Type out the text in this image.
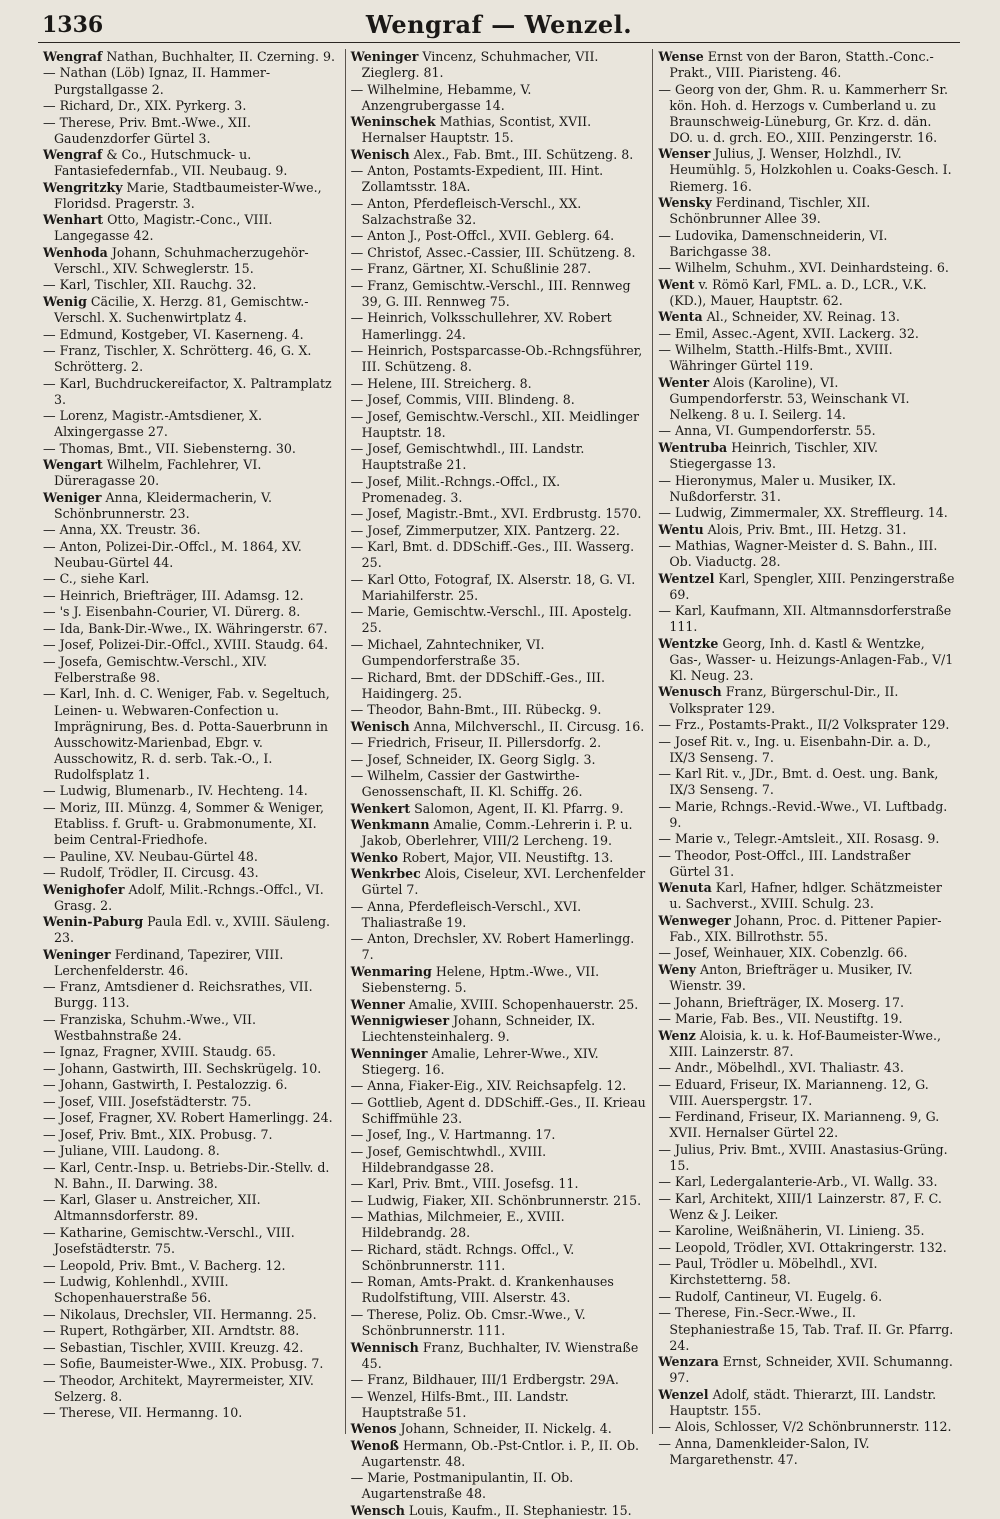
1336	Wengraf — Wenzel.
Wengraf Nathan, Buchhalter, II. Czerning. 9.
— Nathan (Löb) Ignaz, II. Hammer-Purgstallgasse 2.
— Richard, Dr., XIX. Pyrkerg. 3.
— Therese, Priv. Bmt.-Wwe., XII. Gaudenzdorfer Gürtel 3.
Wengraf & Co., Hutschmuck- u. Fantasiefedernfab., VII. Neubaug. 9.
Wengritzky Marie, Stadtbaumeister-Wwe., Floridsd. Pragerstr. 3.
Wenhart Otto, Magistr.-Conc., VIII. Langegasse 42.
Wenhoda Johann, Schuhmacherzugehör-Verschl., XIV. Schweglerstr. 15.
— Karl, Tischler, XII. Rauchg. 32.
Wenig Cäcilie, X. Herzg. 81, Gemischtw.-Verschl. X. Suchenwirtplatz 4.
— Edmund, Kostgeber, VI. Kaserneng. 4.
— Franz, Tischler, X. Schrötterg. 46, G. X. Schrötterg. 2.
— Karl, Buchdruckereifactor, X. Paltramplatz 3.
— Lorenz, Magistr.-Amtsdiener, X. Alxingergasse 27.
— Thomas, Bmt., VII. Siebensterng. 30.
Wengart Wilhelm, Fachlehrer, VI. Düreragasse 20.
Weniger Anna, Kleidermacherin, V. Schönbrunnerstr. 23.
— Anna, XX. Treustr. 36.
— Anton, Polizei-Dir.-Offcl., M. 1864, XV. Neubau-Gürtel 44.
— C., siehe Karl.
— Heinrich, Briefträger, III. Adamsg. 12.
— 's J. Eisenbahn-Courier, VI. Dürerg. 8.
— Ida, Bank-Dir.-Wwe., IX. Währingerstr. 67.
— Josef, Polizei-Dir.-Offcl., XVIII. Staudg. 64.
— Josefa, Gemischtw.-Verschl., XIV. Felberstraße 98.
— Karl, Inh. d. C. Weniger, Fab. v. Segeltuch, Leinen- u. Webwaren-Confection u. Imprägnirung, Bes. d. Potta-Sauerbrunn in Ausschowitz-Marienbad, Ebgr. v. Ausschowitz, R. d. serb. Tak.-O., I. Rudolfsplatz 1.
— Ludwig, Blumenarb., IV. Hechteng. 14.
— Moriz, III. Münzg. 4, Sommer & Weniger, Etabliss. f. Gruft- u. Grabmonumente, XI. beim Central-Friedhofe.
— Pauline, XV. Neubau-Gürtel 48.
— Rudolf, Trödler, II. Circusg. 43.
Wenighofer Adolf, Milit.-Rchngs.-Offcl., VI. Grasg. 2.
Wenin-Paburg Paula Edl. v., XVIII. Säuleng. 23.
Weninger Ferdinand, Tapezirer, VIII. Lerchenfelderstr. 46.
— Franz, Amtsdiener d. Reichsrathes, VII. Burgg. 113.
— Franziska, Schuhm.-Wwe., VII. Westbahnstraße 24.
— Ignaz, Fragner, XVIII. Staudg. 65.
— Johann, Gastwirth, III. Sechskrügelg. 10.
— Johann, Gastwirth, I. Pestalozzig. 6.
— Josef, VIII. Josefstädterstr. 75.
— Josef, Fragner, XV. Robert Hamerlingg. 24.
— Josef, Priv. Bmt., XIX. Probusg. 7.
— Juliane, VIII. Laudong. 8.
— Karl, Centr.-Insp. u. Betriebs-Dir.-Stellv. d. N. Bahn., II. Darwing. 38.
— Karl, Glaser u. Anstreicher, XII. Altmannsdorferstr. 89.
— Katharine, Gemischtw.-Verschl., VIII. Josefstädterstr. 75.
— Leopold, Priv. Bmt., V. Bacherg. 12.
— Ludwig, Kohlenhdl., XVIII. Schopenhauerstraße 56.
— Nikolaus, Drechsler, VII. Hermanng. 25.
— Rupert, Rothgärber, XII. Arndtstr. 88.
— Sebastian, Tischler, XVIII. Kreuzg. 42.
— Sofie, Baumeister-Wwe., XIX. Probusg. 7.
— Theodor, Architekt, Mayrermeister, XIV. Selzerg. 8.
— Therese, VII. Hermanng. 10.
Weninger Vincenz, Schuhmacher, VII. Zieglerg. 81.
— Wilhelmine, Hebamme, V. Anzengrubergasse 14.
Weninschek Mathias, Scontist, XVII. Hernalser Hauptstr. 15.
Wenisch Alex., Fab. Bmt., III. Schützeng. 8.
— Anton, Postamts-Expedient, III. Hint. Zollamtsstr. 18A.
— Anton, Pferdefleisch-Verschl., XX. Salzachstraße 32.
— Anton J., Post-Offcl., XVII. Geblerg. 64.
— Christof, Assec.-Cassier, III. Schützeng. 8.
— Franz, Gärtner, XI. Schußlinie 287.
— Franz, Gemischtw.-Verschl., III. Rennweg 39, G. III. Rennweg 75.
— Heinrich, Volksschullehrer, XV. Robert Hamerlingg. 24.
— Heinrich, Postsparcasse-Ob.-Rchngsführer, III. Schützeng. 8.
— Helene, III. Streicherg. 8.
— Josef, Commis, VIII. Blindeng. 8.
— Josef, Gemischtw.-Verschl., XII. Meidlinger Hauptstr. 18.
— Josef, Gemischtwhdl., III. Landstr. Hauptstraße 21.
— Josef, Milit.-Rchngs.-Offcl., IX. Promenadeg. 3.
— Josef, Magistr.-Bmt., XVI. Erdbrustg. 1570.
— Josef, Zimmerputzer, XIX. Pantzerg. 22.
— Karl, Bmt. d. DDSchiff.-Ges., III. Wasserg. 25.
— Karl Otto, Fotograf, IX. Alserstr. 18, G. VI. Mariahilferstr. 25.
— Marie, Gemischtw.-Verschl., III. Apostelg. 25.
— Michael, Zahntechniker, VI. Gumpendorferstraße 35.
— Richard, Bmt. der DDSchiff.-Ges., III. Haidingerg. 25.
— Theodor, Bahn-Bmt., III. Rübeckg. 9.
Wenisch Anna, Milchverschl., II. Circusg. 16.
— Friedrich, Friseur, II. Pillersdorfg. 2.
— Josef, Schneider, IX. Georg Siglg. 3.
— Wilhelm, Cassier der Gastwirthe-Genossenschaft, II. Kl. Schiffg. 26.
Wenkert Salomon, Agent, II. Kl. Pfarrg. 9.
Wenkmann Amalie, Comm.-Lehrerin i. P. u. Jakob, Oberlehrer, VIII/2 Lercheng. 19.
Wenko Robert, Major, VII. Neustiftg. 13.
Wenkrbec Alois, Ciseleur, XVI. Lerchenfelder Gürtel 7.
— Anna, Pferdefleisch-Verschl., XVI. Thaliastraße 19.
— Anton, Drechsler, XV. Robert Hamerlingg. 7.
Wenmaring Helene, Hptm.-Wwe., VII. Siebensterng. 5.
Wenner Amalie, XVIII. Schopenhauerstr. 25.
Wennigwieser Johann, Schneider, IX. Liechtensteinhalerg. 9.
Wenninger Amalie, Lehrer-Wwe., XIV. Stiegerg. 16.
— Anna, Fiaker-Eig., XIV. Reichsapfelg. 12.
— Gottlieb, Agent d. DDSchiff.-Ges., II. Krieau Schiffmühle 23.
— Josef, Ing., V. Hartmanng. 17.
— Josef, Gemischtwhdl., XVIII. Hildebrandgasse 28.
— Karl, Priv. Bmt., VIII. Josefsg. 11.
— Ludwig, Fiaker, XII. Schönbrunnerstr. 215.
— Mathias, Milchmeier, E., XVIII. Hildebrandg. 28.
— Richard, städt. Rchngs. Offcl., V. Schönbrunnerstr. 111.
— Roman, Amts-Prakt. d. Krankenhauses Rudolfstiftung, VIII. Alserstr. 43.
— Therese, Poliz. Ob. Cmsr.-Wwe., V. Schönbrunnerstr. 111.
Wennisch Franz, Buchhalter, IV. Wienstraße 45.
— Franz, Bildhauer, III/1 Erdbergstr. 29A.
— Wenzel, Hilfs-Bmt., III. Landstr. Hauptstraße 51.
Wenos Johann, Schneider, II. Nickelg. 4.
Wenoß Hermann, Ob.-Pst-Cntlor. i. P., II. Ob. Augartenstr. 48.
— Marie, Postmanipulantin, II. Ob. Augartenstraße 48.
Wensch Louis, Kaufm., II. Stephaniestr. 15.
Wense Ernst von der Baron, Statth.-Conc.-Prakt., VIII. Piaristeng. 46.
— Georg von der, Ghm. R. u. Kammerherr Sr. kön. Hoh. d. Herzogs v. Cumberland u. zu Braunschweig-Lüneburg, Gr. Krz. d. dän. DO. u. d. grch. EO., XIII. Penzingerstr. 16.
Wenser Julius, J. Wenser, Holzhdl., IV. Heumühlg. 5, Holzkohlen u. Coaks-Gesch. I. Riemerg. 16.
Wensky Ferdinand, Tischler, XII. Schönbrunner Allee 39.
— Ludovika, Damenschneiderin, VI. Barichgasse 38.
— Wilhelm, Schuhm., XVI. Deinhardsteing. 6.
Went v. Römö Karl, FML. a. D., LCR., V.K. (KD.), Mauer, Hauptstr. 62.
Wenta Al., Schneider, XV. Reinag. 13.
— Emil, Assec.-Agent, XVII. Lackerg. 32.
— Wilhelm, Statth.-Hilfs-Bmt., XVIII. Währinger Gürtel 119.
Wenter Alois (Karoline), VI. Gumpendorferstr. 53, Weinschank VI. Nelkeng. 8 u. I. Seilerg. 14.
— Anna, VI. Gumpendorferstr. 55.
Wentruba Heinrich, Tischler, XIV. Stiegergasse 13.
— Hieronymus, Maler u. Musiker, IX. Nußdorferstr. 31.
— Ludwig, Zimmermaler, XX. Streffleurg. 14.
Wentu Alois, Priv. Bmt., III. Hetzg. 31.
— Mathias, Wagner-Meister d. S. Bahn., III. Ob. Viaductg. 28.
Wentzel Karl, Spengler, XIII. Penzingerstraße 69.
— Karl, Kaufmann, XII. Altmannsdorferstraße 111.
Wentzke Georg, Inh. d. Kastl & Wentzke, Gas-, Wasser- u. Heizungs-Anlagen-Fab., V/1 Kl. Neug. 23.
Wenusch Franz, Bürgerschul-Dir., II. Volksprater 129.
— Frz., Postamts-Prakt., II/2 Volksprater 129.
— Josef Rit. v., Ing. u. Eisenbahn-Dir. a. D., IX/3 Senseng. 7.
— Karl Rit. v., JDr., Bmt. d. Oest. ung. Bank, IX/3 Senseng. 7.
— Marie, Rchngs.-Revid.-Wwe., VI. Luftbadg. 9.
— Marie v., Telegr.-Amtsleit., XII. Rosasg. 9.
— Theodor, Post-Offcl., III. Landstraßer Gürtel 31.
Wenuta Karl, Hafner, hdlger. Schätzmeister u. Sachverst., XVIII. Schulg. 23.
Wenweger Johann, Proc. d. Pittener Papier-Fab., XIX. Billrothstr. 55.
— Josef, Weinhauer, XIX. Cobenzlg. 66.
Weny Anton, Briefträger u. Musiker, IV. Wienstr. 39.
— Johann, Briefträger, IX. Moserg. 17.
— Marie, Fab. Bes., VII. Neustiftg. 19.
Wenz Aloisia, k. u. k. Hof-Baumeister-Wwe., XIII. Lainzerstr. 87.
— Andr., Möbelhdl., XVI. Thaliastr. 43.
— Eduard, Friseur, IX. Marianneng. 12, G. VIII. Auerspergstr. 17.
— Ferdinand, Friseur, IX. Marianneng. 9, G. XVII. Hernalser Gürtel 22.
— Julius, Priv. Bmt., XVIII. Anastasius-Grüng. 15.
— Karl, Ledergalanterie-Arb., VI. Wallg. 33.
— Karl, Architekt, XIII/1 Lainzerstr. 87, F. C. Wenz & J. Leiker.
— Karoline, Weißnäherin, VI. Linieng. 35.
— Leopold, Trödler, XVI. Ottakringerstr. 132.
— Paul, Trödler u. Möbelhdl., XVI. Kirchstetterng. 58.
— Rudolf, Cantineur, VI. Eugelg. 6.
— Therese, Fin.-Secr.-Wwe., II. Stephaniestraße 15, Tab. Traf. II. Gr. Pfarrg. 24.
Wenzara Ernst, Schneider, XVII. Schumanng. 97.
Wenzel Adolf, städt. Thierarzt, III. Landstr. Hauptstr. 155.
— Alois, Schlosser, V/2 Schönbrunnerstr. 112.
— Anna, Damenkleider-Salon, IV. Margarethenstr. 47.
